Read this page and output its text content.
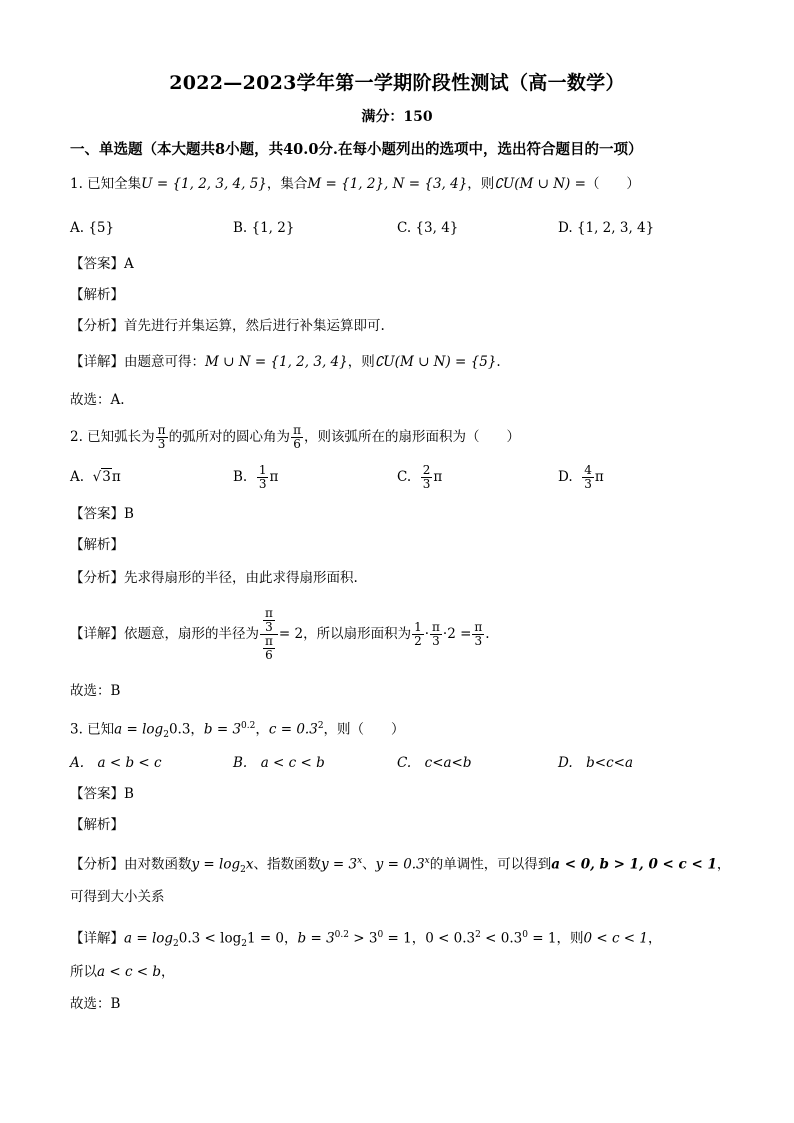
2022—2023学年第一学期阶段性测试（高一数学）
满分：150
一、单选题（本大题共8小题，共40.0分.在每小题列出的选项中，选出符合题目的一项）
1. 已知全集U = {1, 2, 3, 4, 5}，集合M = {1, 2}, N = {3, 4}，则∁U(M ∪ N) =（　　）
A. {5}	B. {1, 2}	C. {3, 4}	D. {1, 2, 3, 4}
【答案】A
【解析】
【分析】首先进行并集运算，然后进行补集运算即可.
【详解】由题意可得：M ∪ N = {1, 2, 3, 4}，则∁U(M ∪ N) = {5}.
故选：A.
2. 已知弧长为 $\frac{\pi}{3}$ 的弧所对的圆心角为 $\frac{\pi}{6}$ ，则该弧所在的扇形面积为（　　）
A.  √3π	B. $\frac{1}{3}$ π	C. $\frac{2}{3}$ π	D. $\frac{4}{3}$ π
【答案】B
【解析】
【分析】先求得扇形的半径，由此求得扇形面积.
【详解】依题意，扇形的半径为 $\frac{\frac{\pi}{3}}{\frac{\pi}{6}} = 2$，所以扇形面积为 $\frac{1}{2} \cdot \frac{\pi}{3} \cdot 2 = \frac{\pi}{3}$ .
故选：B
3. 已知$a = \log_20.3$，$b = 3^{0.2}$，$c = 0.3^2$，则（　　）
A.　a < b < c	B.　a < c < b	C.　c<a<b	D.　b<c<a
【答案】B
【解析】
【分析】由对数函数$y = \log_2x$、指数函数$y = 3^x$、$y = 0.3^x$的单调性，可以得到a < 0, b > 1, 0 < c < 1，
可得到大小关系
【详解】$a = \log_20.3 < \log_21 = 0$，$b = 3^{0.2} > 3^0 = 1$，$0 < 0.3^2 < 0.3^0 = 1$，则0 < c < 1，
所以a < c < b，
故选：B
